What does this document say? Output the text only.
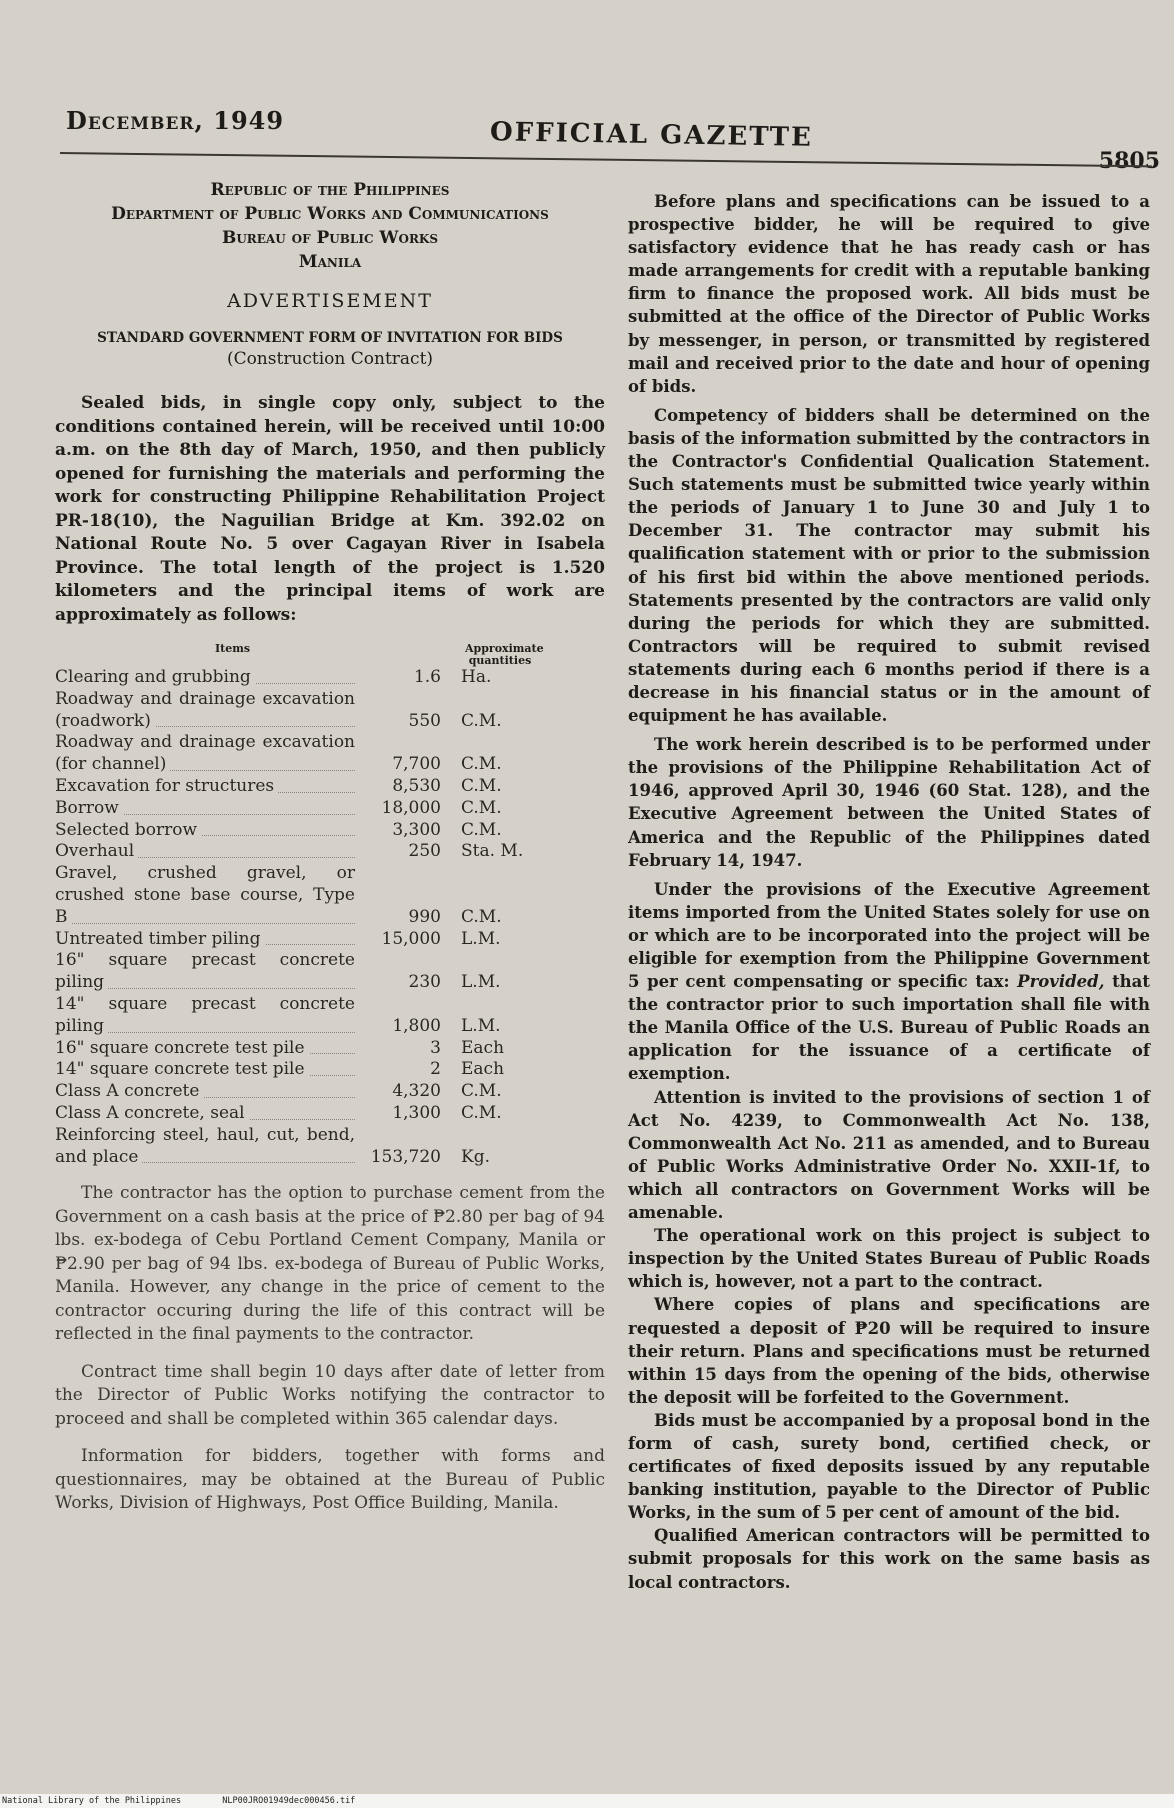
December, 1949	OFFICIAL GAZETTE
5805
Republic of the Philippines
Department of Public Works and Communications
Bureau of Public Works
Manila
ADVERTISEMENT
STANDARD GOVERNMENT FORM OF INVITATION FOR BIDS
(Construction Contract)

Sealed bids, in single copy only, subject to the conditions contained herein, will be received until 10:00 a.m. on the 8th day of March, 1950, and then publicly opened for furnishing the materials and performing the work for constructing Philippine Rehabilitation Project PR-18(10), the Naguilian Bridge at Km. 392.02 on National Route No. 5 over Cagayan River in Isabela Province. The total length of the project is 1.520 kilometers and the principal items of work are approximately as follows:

Items	Approximate quantities
Clearing and grubbing	1.6	Ha.
Roadway and drainage excavation (roadwork)	550	C.M.
Roadway and drainage excavation (for channel)	7,700	C.M.
Excavation for structures	8,530	C.M.
Borrow	18,000	C.M.
Selected borrow	3,300	C.M.
Overhaul	250	Sta. M.
Gravel, crushed gravel, or crushed stone base course, Type B	990	C.M.
Untreated timber piling	15,000	L.M.
16" square precast concrete piling	230	L.M.
14" square precast concrete piling	1,800	L.M.
16" square concrete test pile	3	Each
14" square concrete test pile	2	Each
Class A concrete	4,320	C.M.
Class A concrete, seal	1,300	C.M.
Reinforcing steel, haul, cut, bend, and place	153,720	Kg.

The contractor has the option to purchase cement from the Government on a cash basis at the price of ₱2.80 per bag of 94 lbs. ex-bodega of Cebu Portland Cement Company, Manila or ₱2.90 per bag of 94 lbs. ex-bodega of Bureau of Public Works, Manila. However, any change in the price of cement to the contractor occuring during the life of this contract will be reflected in the final payments to the contractor.

Contract time shall begin 10 days after date of letter from the Director of Public Works notifying the contractor to proceed and shall be completed within 365 calendar days.

Information for bidders, together with forms and questionnaires, may be obtained at the Bureau of Public Works, Division of Highways, Post Office Building, Manila.

Before plans and specifications can be issued to a prospective bidder, he will be required to give satisfactory evidence that he has ready cash or has made arrangements for credit with a reputable banking firm to finance the proposed work. All bids must be submitted at the office of the Director of Public Works by messenger, in person, or transmitted by registered mail and received prior to the date and hour of opening of bids.

Competency of bidders shall be determined on the basis of the information submitted by the contractors in the Contractor's Confidential Qualication Statement. Such statements must be submitted twice yearly within the periods of January 1 to June 30 and July 1 to December 31. The contractor may submit his qualification statement with or prior to the submission of his first bid within the above mentioned periods. Statements presented by the contractors are valid only during the periods for which they are submitted. Contractors will be required to submit revised statements during each 6 months period if there is a decrease in his financial status or in the amount of equipment he has available.

The work herein described is to be performed under the provisions of the Philippine Rehabilitation Act of 1946, approved April 30, 1946 (60 Stat. 128), and the Executive Agreement between the United States of America and the Republic of the Philippines dated February 14, 1947.

Under the provisions of the Executive Agreement items imported from the United States solely for use on or which are to be incorporated into the project will be eligible for exemption from the Philippine Government 5 per cent compensating or specific tax: Provided, that the contractor prior to such importation shall file with the Manila Office of the U.S. Bureau of Public Roads an application for the issuance of a certificate of exemption.

Attention is invited to the provisions of section 1 of Act No. 4239, to Commonwealth Act No. 138, Commonwealth Act No. 211 as amended, and to Bureau of Public Works Administrative Order No. XXII-1f, to which all contractors on Government Works will be amenable.

The operational work on this project is subject to inspection by the United States Bureau of Public Roads which is, however, not a part to the contract.

Where copies of plans and specifications are requested a deposit of ₱20 will be required to insure their return. Plans and specifications must be returned within 15 days from the opening of the bids, otherwise the deposit will be forfeited to the Government.

Bids must be accompanied by a proposal bond in the form of cash, surety bond, certified check, or certificates of fixed deposits issued by any reputable banking institution, payable to the Director of Public Works, in the sum of 5 per cent of amount of the bid.

Qualified American contractors will be permitted to submit proposals for this work on the same basis as local contractors.

National Library of the Philippines	NLP00JRO01949dec000456.tif
